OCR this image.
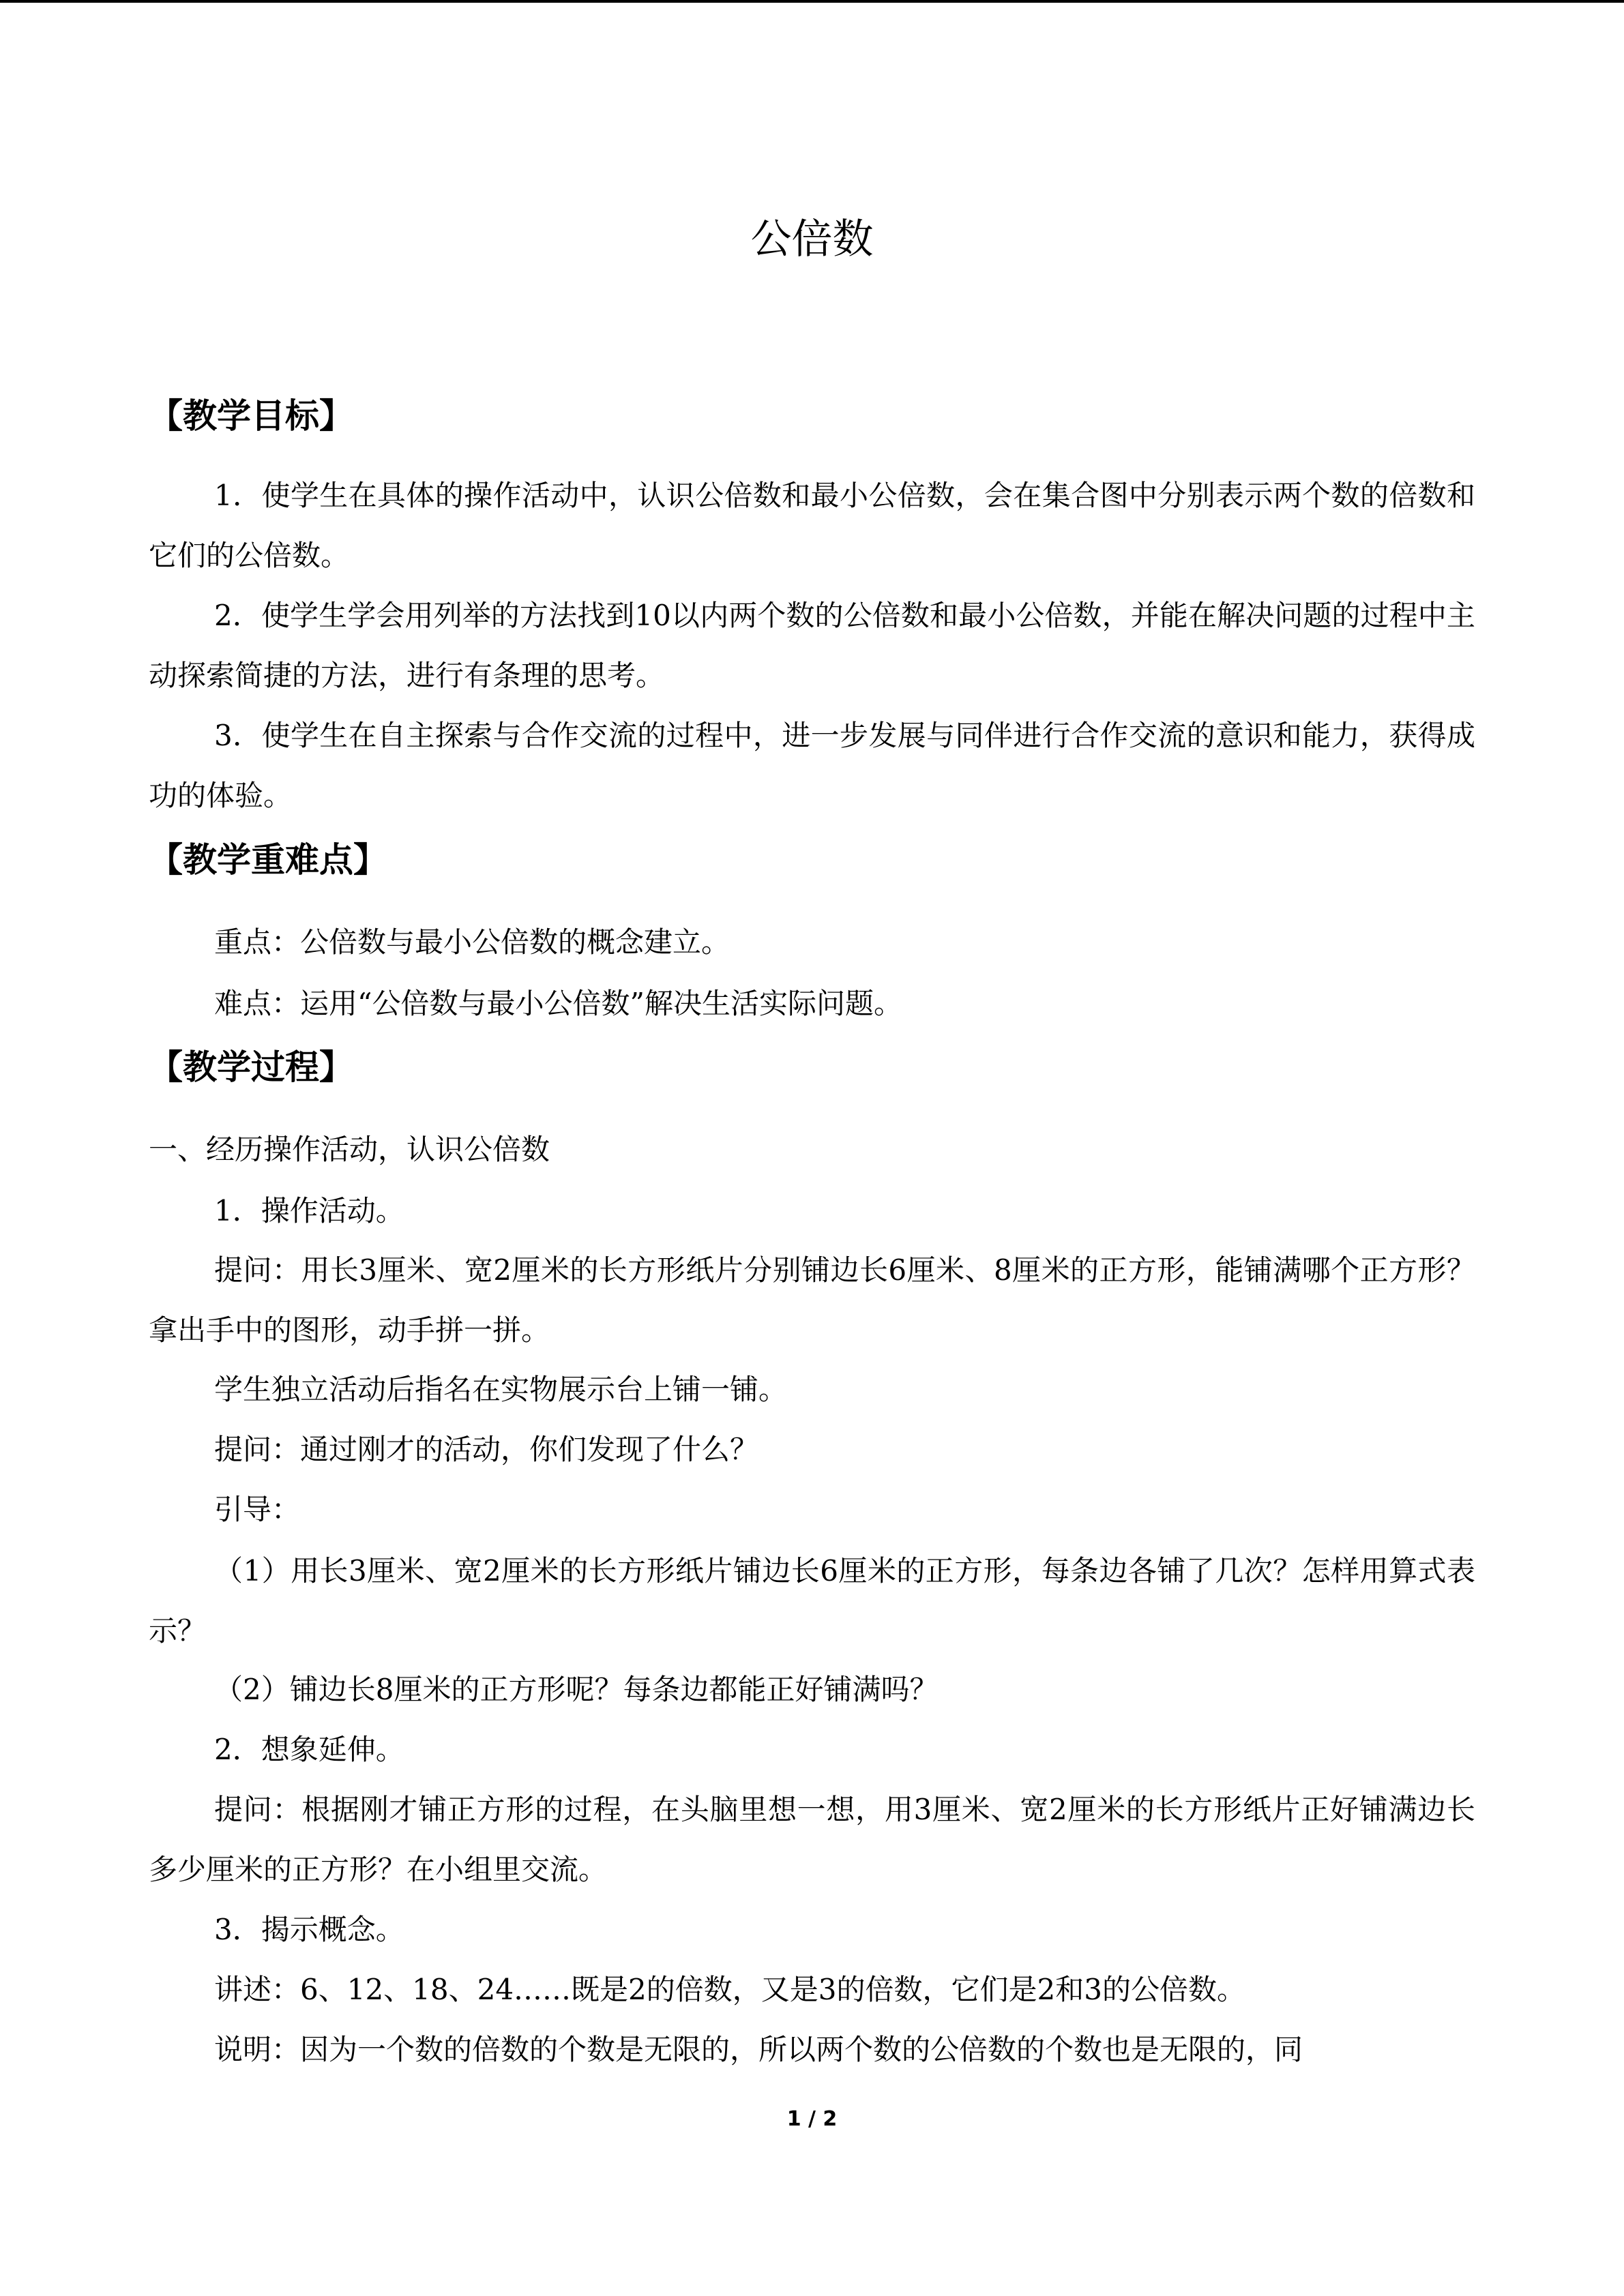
公倍数
【教学目标】

1．使学生在具体的操作活动中，认识公倍数和最小公倍数，会在集合图中分别表示两个数的倍数和它们的公倍数。

2．使学生学会用列举的方法找到10以内两个数的公倍数和最小公倍数，并能在解决问题的过程中主动探索简捷的方法，进行有条理的思考。

3．使学生在自主探索与合作交流的过程中，进一步发展与同伴进行合作交流的意识和能力，获得成功的体验。

【教学重难点】

重点：公倍数与最小公倍数的概念建立。

难点：运用“公倍数与最小公倍数”解决生活实际问题。

【教学过程】

一、经历操作活动，认识公倍数

1．操作活动。

提问：用长3厘米、宽2厘米的长方形纸片分别铺边长6厘米、8厘米的正方形，能铺满哪个正方形？拿出手中的图形，动手拼一拼。

学生独立活动后指名在实物展示台上铺一铺。

提问：通过刚才的活动，你们发现了什么？

引导：

（1）用长3厘米、宽2厘米的长方形纸片铺边长6厘米的正方形，每条边各铺了几次？怎样用算式表示？

（2）铺边长8厘米的正方形呢？每条边都能正好铺满吗？

2．想象延伸。

提问：根据刚才铺正方形的过程，在头脑里想一想，用3厘米、宽2厘米的长方形纸片正好铺满边长多少厘米的正方形？在小组里交流。

3．揭示概念。

讲述：6、12、18、24……既是2的倍数，又是3的倍数，它们是2和3的公倍数。

说明：因为一个数的倍数的个数是无限的，所以两个数的公倍数的个数也是无限的，同

1 / 2
